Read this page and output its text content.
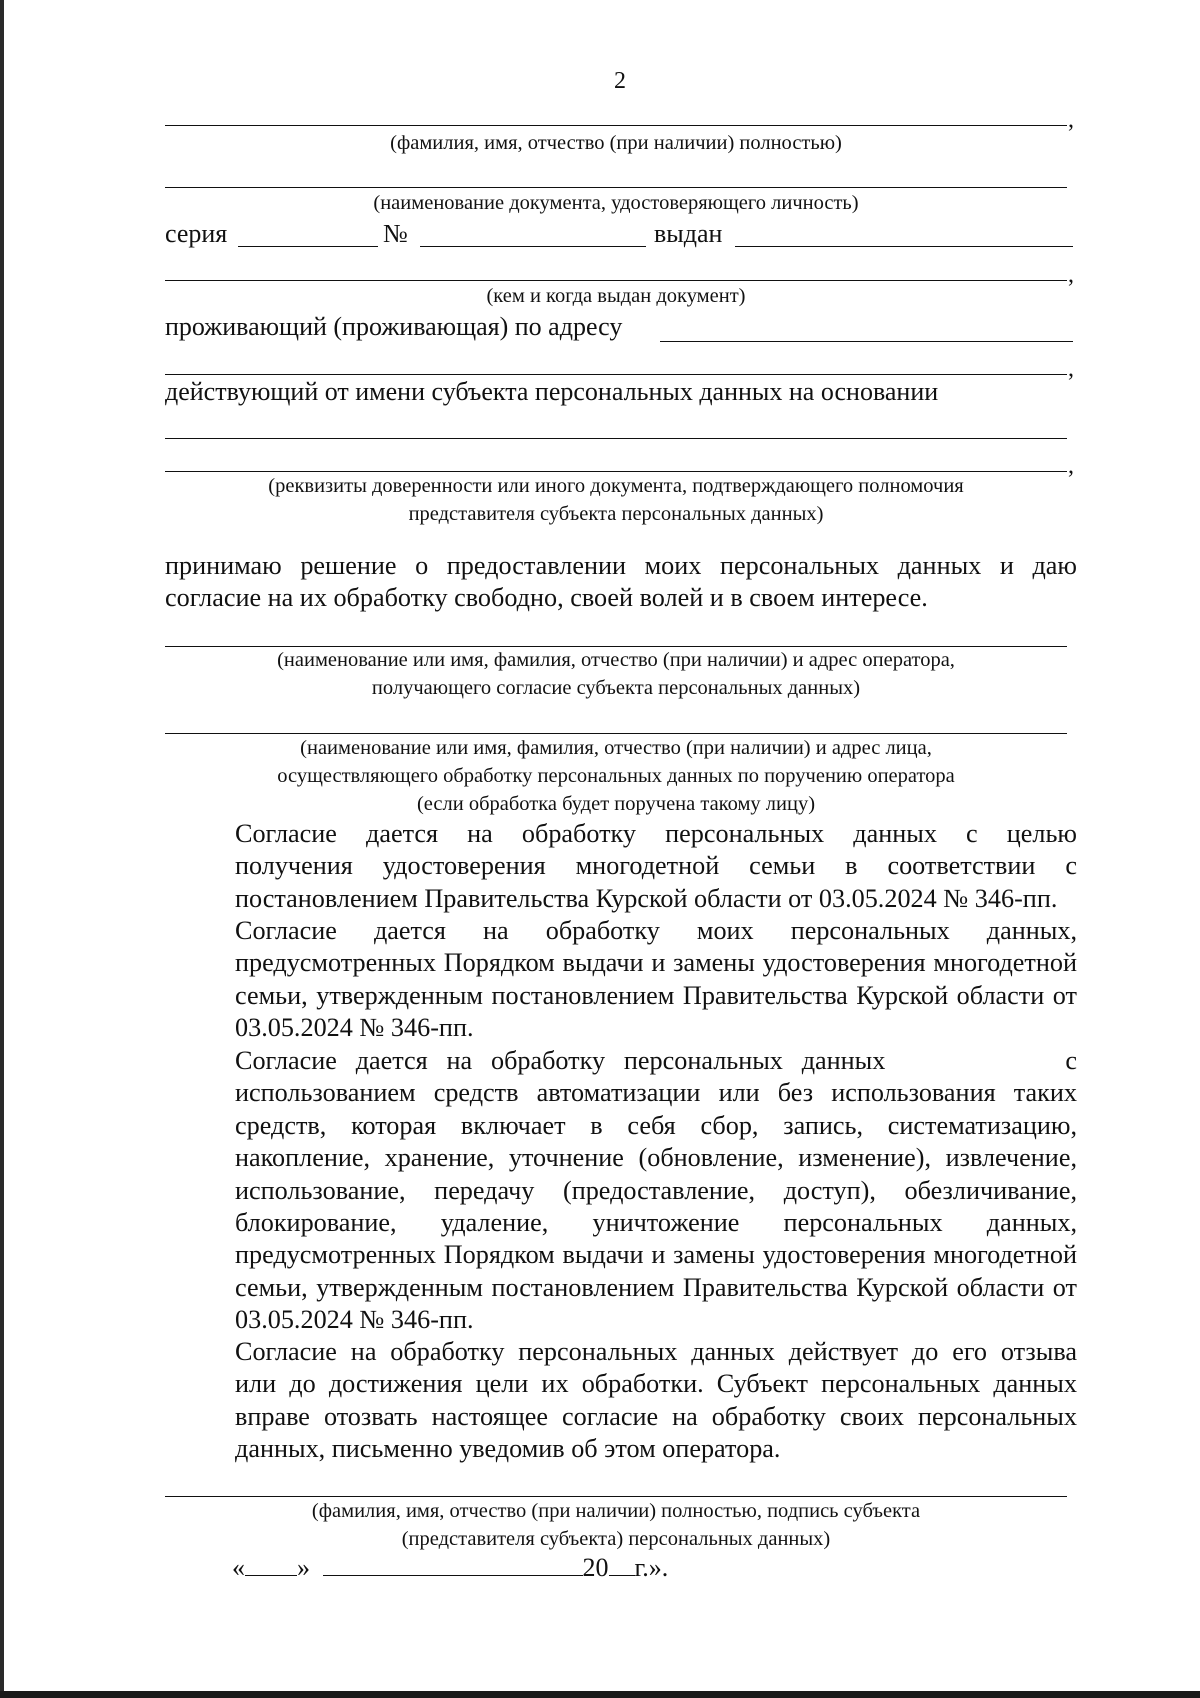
2
,
(фамилия, имя, отчество (при наличии) полностью)
(наименование документа, удостоверяющего личность)
серия	№	выдан
,
(кем и когда выдан документ)
проживающий (проживающая) по адресу
,
действующий от имени субъекта персональных данных на основании
,
(реквизиты доверенности или иного документа, подтверждающего полномочия
представителя субъекта персональных данных)
принимаю решение о предоставлении моих персональных данных и даю
согласие на их обработку свободно, своей волей и в своем интересе.
(наименование или имя, фамилия, отчество (при наличии) и адрес оператора,
получающего согласие субъекта персональных данных)
(наименование или имя, фамилия, отчество (при наличии) и адрес лица,
осуществляющего обработку персональных данных по поручению оператора
(если обработка будет поручена такому лицу)
Согласие дается на обработку персональных данных с целью
получения удостоверения многодетной семьи в соответствии с
постановлением Правительства Курской области от 03.05.2024 № 346-пп.
Согласие дается на обработку моих персональных данных,
предусмотренных Порядком выдачи и замены удостоверения многодетной
семьи, утвержденным постановлением Правительства Курской области от
03.05.2024 № 346-пп.
Согласие дается на обработку персональных данных	с
использованием средств автоматизации или без использования таких
средств, которая включает в себя сбор, запись, систематизацию,
накопление, хранение, уточнение (обновление, изменение), извлечение,
использование, передачу (предоставление, доступ), обезличивание,
блокирование, удаление, уничтожение персональных данных,
предусмотренных Порядком выдачи и замены удостоверения многодетной
семьи, утвержденным постановлением Правительства Курской области от
03.05.2024 № 346-пп.
Согласие на обработку персональных данных действует до его отзыва
или до достижения цели их обработки. Субъект персональных данных
вправе отозвать настоящее согласие на обработку своих персональных
данных, письменно уведомив об этом оператора.
(фамилия, имя, отчество (при наличии) полностью, подпись субъекта
(представителя субъекта) персональных данных)
« »	20 г.».
